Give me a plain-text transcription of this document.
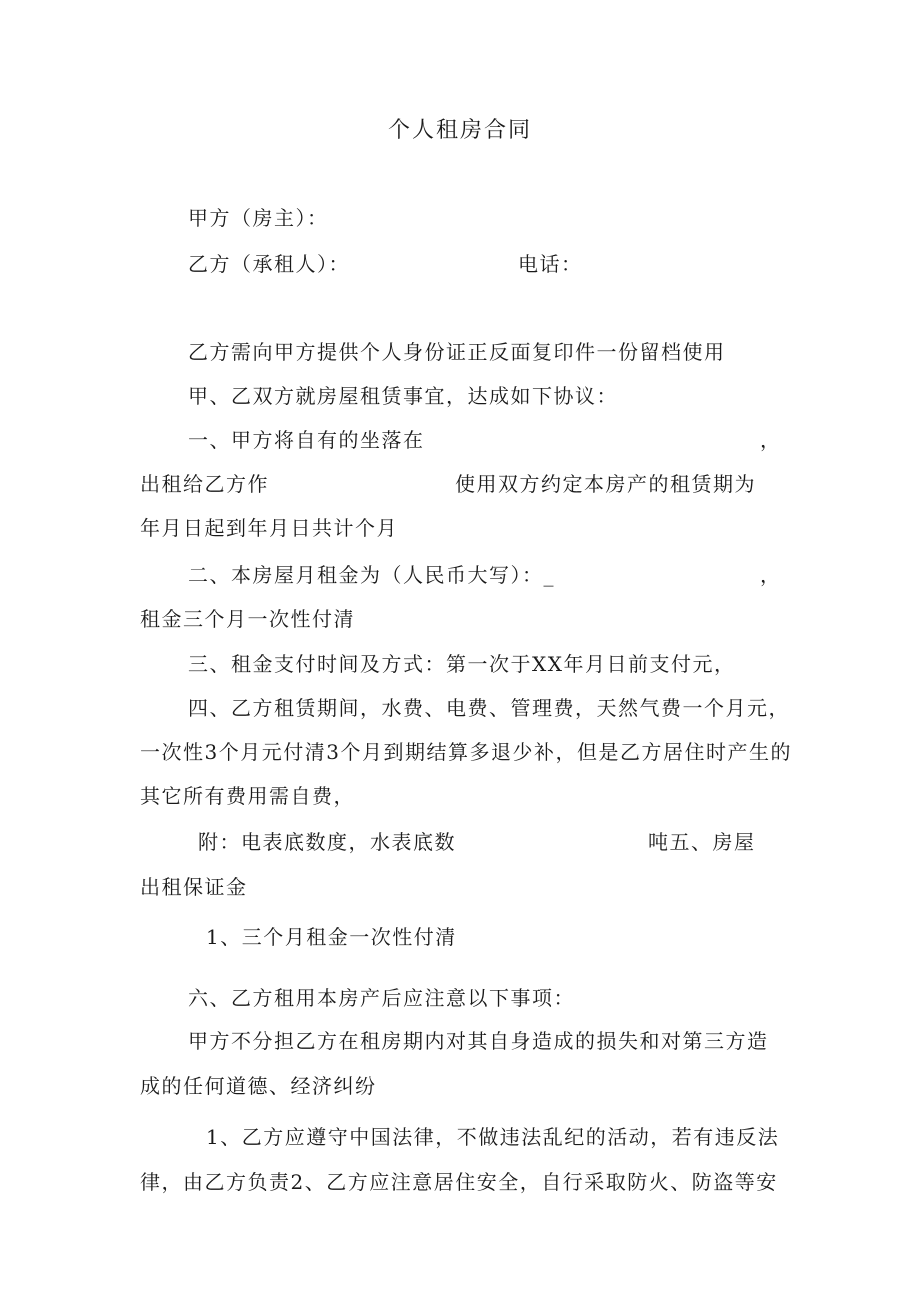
个人租房合同
甲方（房主）：
乙方（承租人）：	电话：
乙方需向甲方提供个人身份证正反面复印件一份留档使用
甲、乙双方就房屋租赁事宜，达成如下协议：
一、甲方将自有的坐落在	，
出租给乙方作	使用双方约定本房产的租赁期为
年月日起到年月日共计个月
二、本房屋月租金为（人民币大写）：_	，
租金三个月一次性付清
三、租金支付时间及方式：第一次于XX年月日前支付元，
四、乙方租赁期间，水费、电费、管理费，天然气费一个月元，
一次性3个月元付清3个月到期结算多退少补，但是乙方居住时产生的
其它所有费用需自费，
附：电表底数度，水表底数	吨五、房屋
出租保证金
1、三个月租金一次性付清
六、乙方租用本房产后应注意以下事项：
甲方不分担乙方在租房期内对其自身造成的损失和对第三方造
成的任何道德、经济纠纷
1、乙方应遵守中国法律，不做违法乱纪的活动，若有违反法
律，由乙方负责2、乙方应注意居住安全，自行采取防火、防盗等安
